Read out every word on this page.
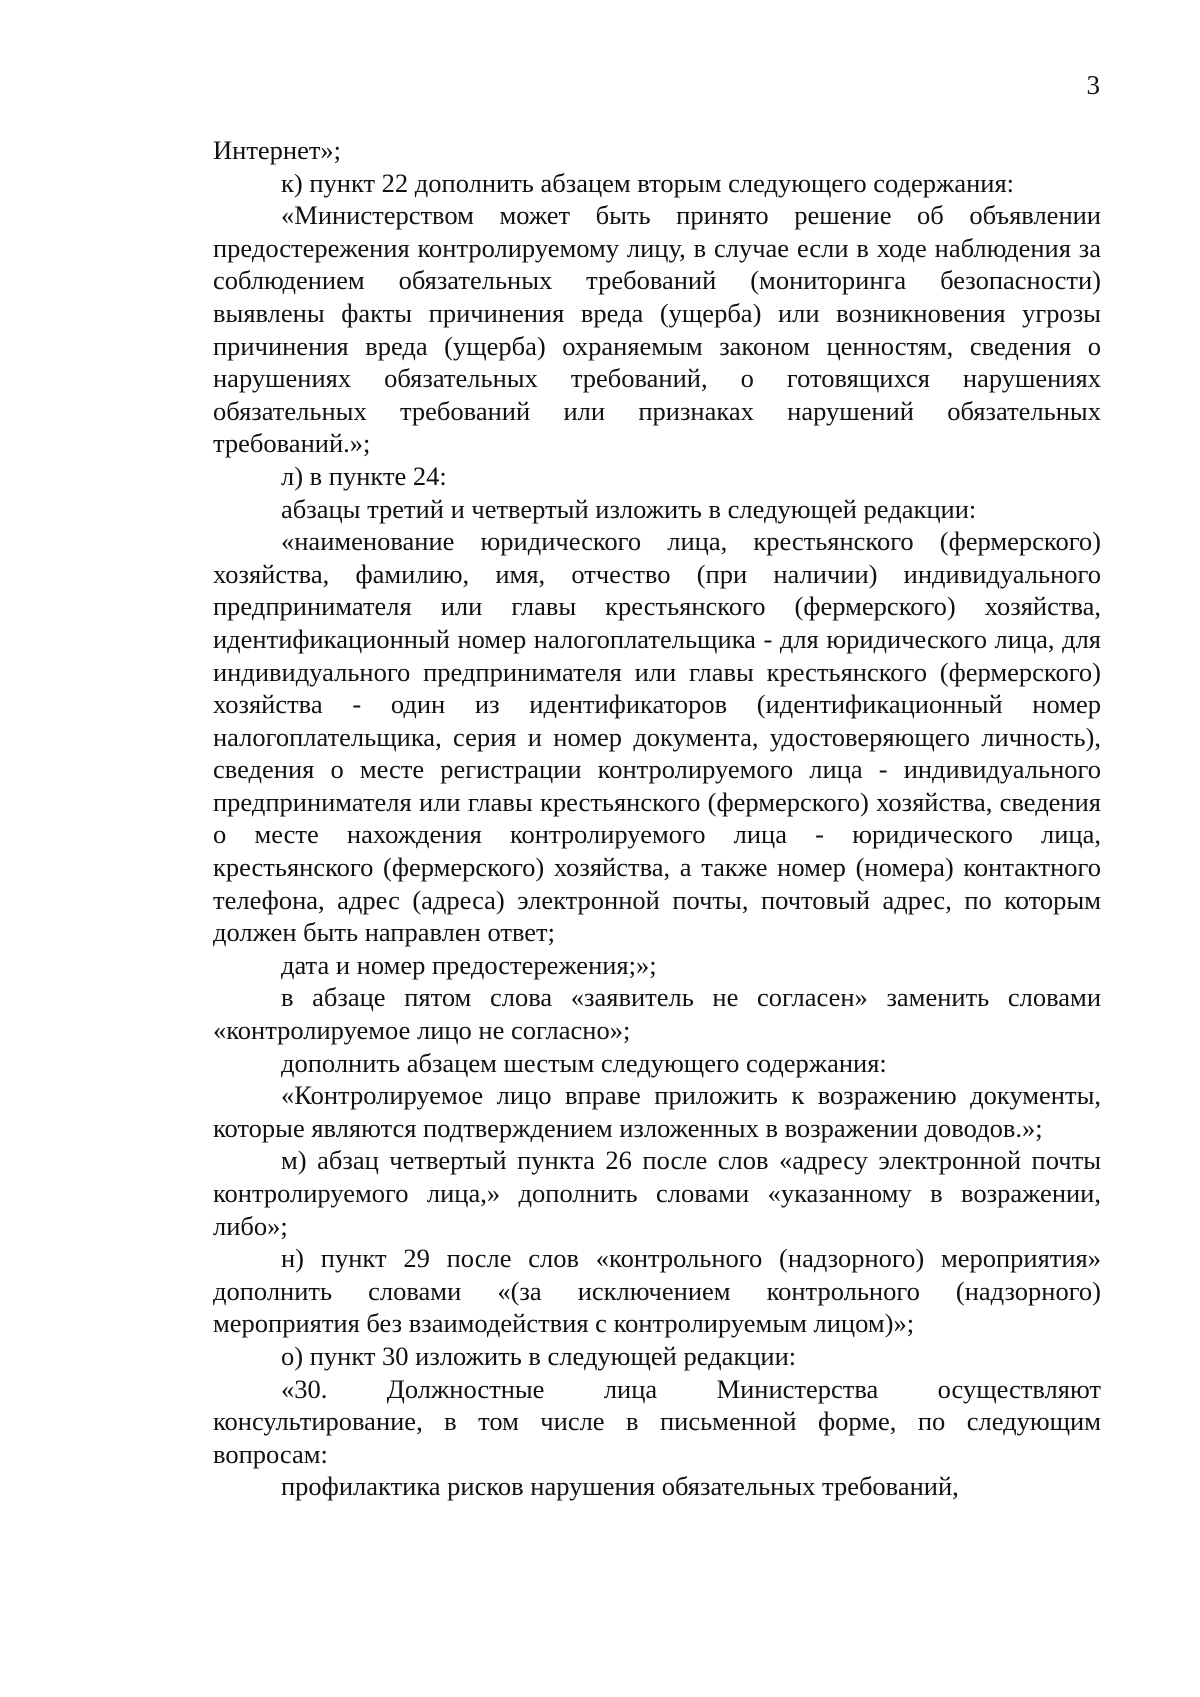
3

Интернет»;

к) пункт 22 дополнить абзацем вторым следующего содержания:

«Министерством может быть принято решение об объявлении предостережения контролируемому лицу, в случае если в ходе наблюдения за соблюдением обязательных требований (мониторинга безопасности) выявлены факты причинения вреда (ущерба) или возникновения угрозы причинения вреда (ущерба) охраняемым законом ценностям, сведения о нарушениях обязательных требований, о готовящихся нарушениях обязательных требований или признаках нарушений обязательных требований.»;

л) в пункте 24:

абзацы третий и четвертый изложить в следующей редакции:

«наименование юридического лица, крестьянского (фермерского) хозяйства, фамилию, имя, отчество (при наличии) индивидуального предпринимателя или главы крестьянского (фермерского) хозяйства, идентификационный номер налогоплательщика - для юридического лица, для индивидуального предпринимателя или главы крестьянского (фермерского) хозяйства - один из идентификаторов (идентификационный номер налогоплательщика, серия и номер документа, удостоверяющего личность), сведения о месте регистрации контролируемого лица - индивидуального предпринимателя или главы крестьянского (фермерского) хозяйства, сведения о месте нахождения контролируемого лица - юридического лица, крестьянского (фермерского) хозяйства, а также номер (номера) контактного телефона, адрес (адреса) электронной почты, почтовый адрес, по которым должен быть направлен ответ;

дата и номер предостережения;»;

в абзаце пятом слова «заявитель не согласен» заменить словами «контролируемое лицо не согласно»;

дополнить абзацем шестым следующего содержания:

«Контролируемое лицо вправе приложить к возражению документы, которые являются подтверждением изложенных в возражении доводов.»;

м) абзац четвертый пункта 26 после слов «адресу электронной почты контролируемого лица,» дополнить словами «указанному в возражении, либо»;

н) пункт 29 после слов «контрольного (надзорного) мероприятия» дополнить словами «(за исключением контрольного (надзорного) мероприятия без взаимодействия с контролируемым лицом)»;

о) пункт 30 изложить в следующей редакции:

«30. Должностные лица Министерства осуществляют консультирование, в том числе в письменной форме, по следующим вопросам:

профилактика рисков нарушения обязательных требований,
